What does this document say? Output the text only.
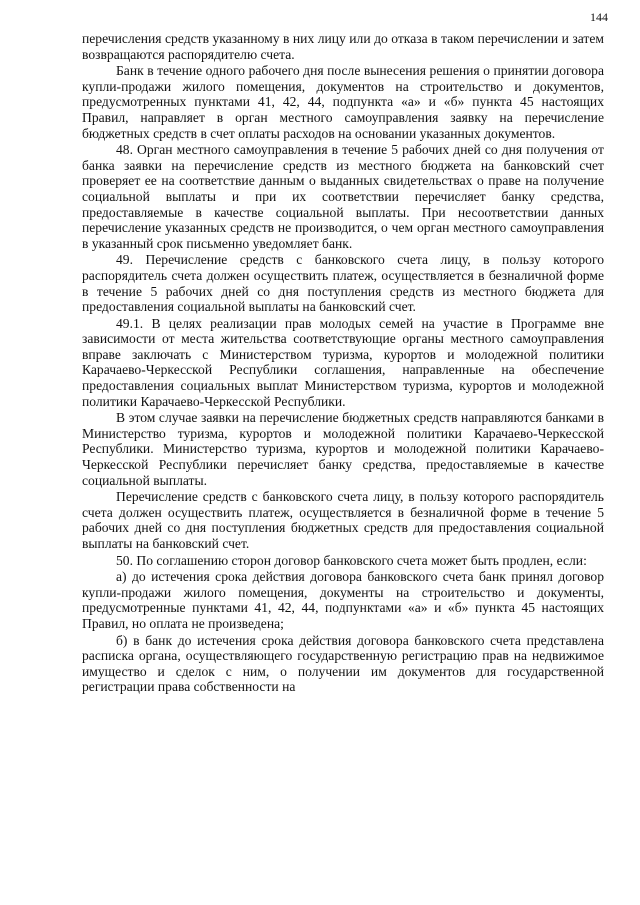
144

перечисления средств указанному в них лицу или до отказа в таком перечислении и затем возвращаются распорядителю счета.

Банк в течение одного рабочего дня после вынесения решения о принятии договора купли-продажи жилого помещения, документов на строительство и документов, предусмотренных пунктами 41, 42, 44, подпункта «а» и «б» пункта 45 настоящих Правил, направляет в орган местного самоуправления заявку на перечисление бюджетных средств в счет оплаты расходов на основании указанных документов.

48. Орган местного самоуправления в течение 5 рабочих дней со дня получения от банка заявки на перечисление средств из местного бюджета на банковский счет проверяет ее на соответствие данным о выданных свидетельствах о праве на получение социальной выплаты и при их соответствии перечисляет банку средства, предоставляемые в качестве социальной выплаты. При несоответствии данных перечисление указанных средств не производится, о чем орган местного самоуправления в указанный срок письменно уведомляет банк.

49. Перечисление средств с банковского счета лицу, в пользу которого распорядитель счета должен осуществить платеж, осуществляется в безналичной форме в течение 5 рабочих дней со дня поступления средств из местного бюджета для предоставления социальной выплаты на банковский счет.

49.1. В целях реализации прав молодых семей на участие в Программе вне зависимости от места жительства соответствующие органы местного самоуправления вправе заключать с Министерством туризма, курортов и молодежной политики Карачаево-Черкесской Республики соглашения, направленные на обеспечение предоставления социальных выплат Министерством туризма, курортов и молодежной политики Карачаево-Черкесской Республики.

В этом случае заявки на перечисление бюджетных средств направляются банками в Министерство туризма, курортов и молодежной политики Карачаево-Черкесской Республики. Министерство туризма, курортов и молодежной политики Карачаево-Черкесской Республики перечисляет банку средства, предоставляемые в качестве социальной выплаты.

Перечисление средств с банковского счета лицу, в пользу которого распорядитель счета должен осуществить платеж, осуществляется в безналичной форме в течение 5 рабочих дней со дня поступления бюджетных средств для предоставления социальной выплаты на банковский счет.

50. По соглашению сторон договор банковского счета может быть продлен, если:

а) до истечения срока действия договора банковского счета банк принял договор купли-продажи жилого помещения, документы на строительство и документы, предусмотренные пунктами 41, 42, 44, подпунктами «а» и «б» пункта 45 настоящих Правил, но оплата не произведена;

б) в банк до истечения срока действия договора банковского счета представлена расписка органа, осуществляющего государственную регистрацию прав на недвижимое имущество и сделок с ним, о получении им документов для государственной регистрации права собственности на
